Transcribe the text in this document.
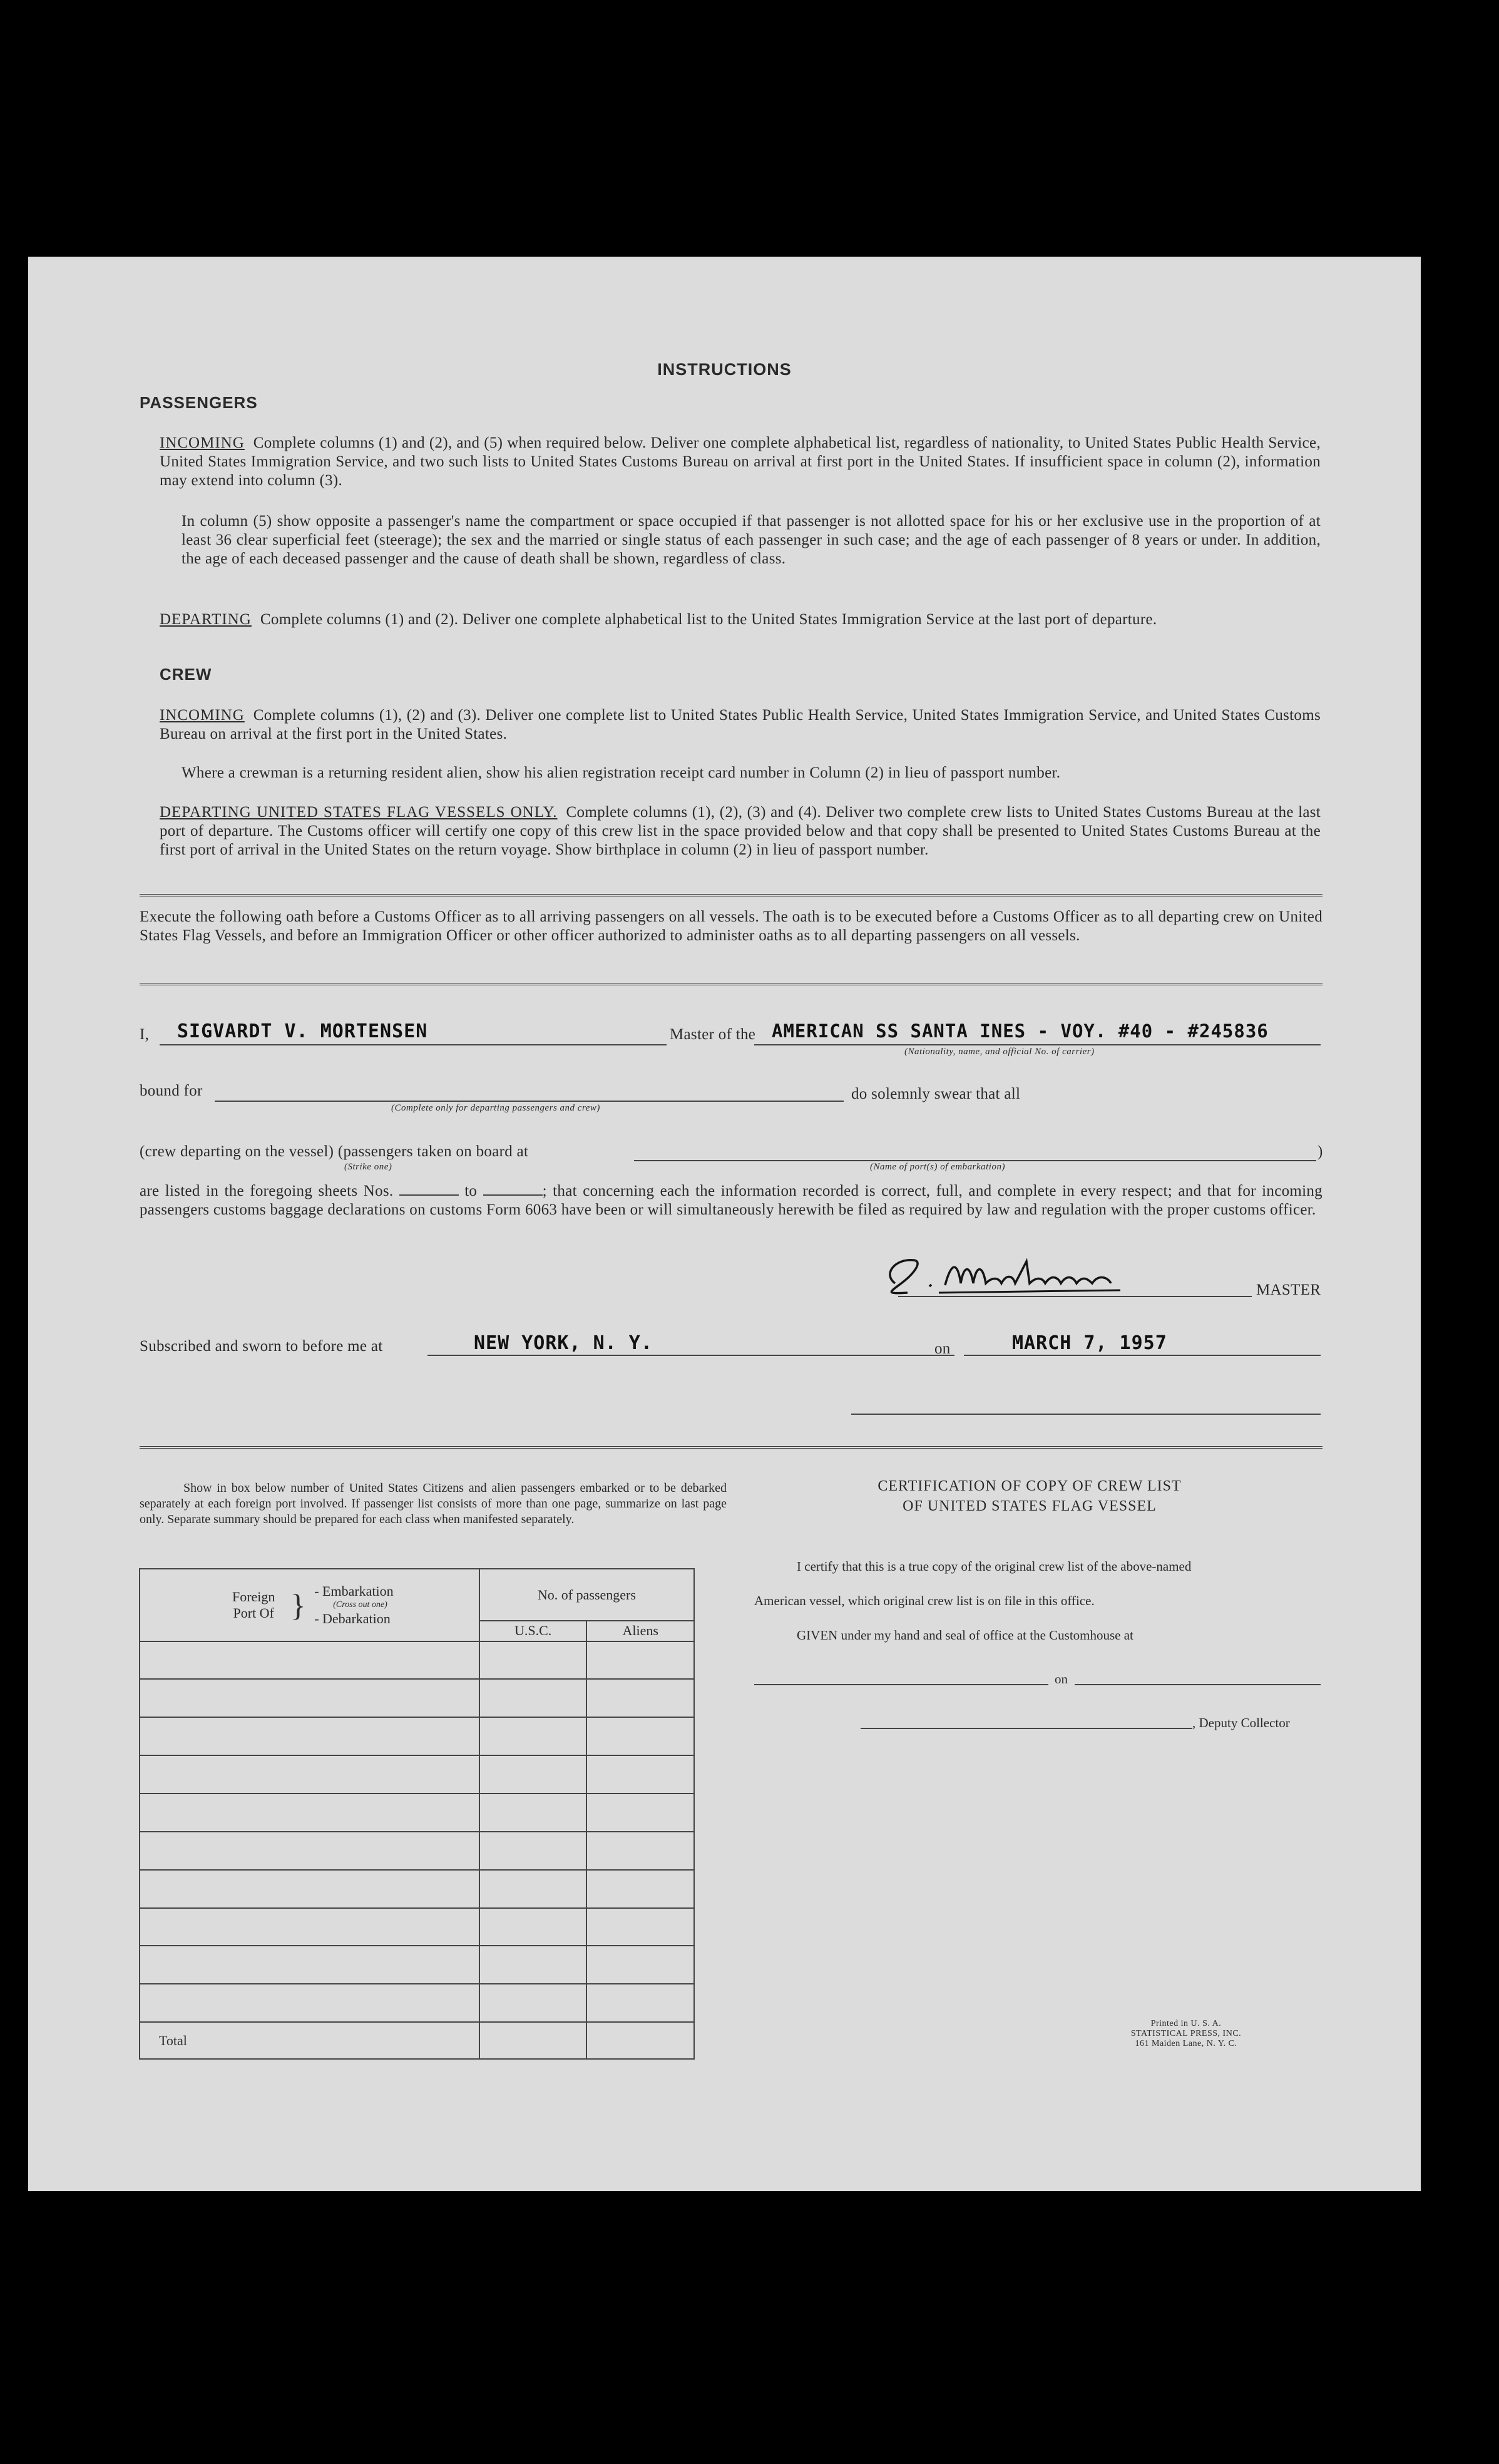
INSTRUCTIONS
PASSENGERS
INCOMING Complete columns (1) and (2), and (5) when required below. Deliver one complete alphabetical list, regardless of nationality, to United States Public Health Service, United States Immigration Service, and two such lists to United States Customs Bureau on arrival at first port in the United States. If insufficient space in column (2), information may extend into column (3).
In column (5) show opposite a passenger's name the compartment or space occupied if that passenger is not allotted space for his or her exclusive use in the proportion of at least 36 clear superficial feet (steerage); the sex and the married or single status of each passenger in such case; and the age of each passenger of 8 years or under. In addition, the age of each deceased passenger and the cause of death shall be shown, regardless of class.
DEPARTING Complete columns (1) and (2). Deliver one complete alphabetical list to the United States Immigration Service at the last port of departure.
CREW
INCOMING Complete columns (1), (2) and (3). Deliver one complete list to United States Public Health Service, United States Immigration Service, and United States Customs Bureau on arrival at the first port in the United States.
Where a crewman is a returning resident alien, show his alien registration receipt card number in Column (2) in lieu of passport number.
DEPARTING UNITED STATES FLAG VESSELS ONLY. Complete columns (1), (2), (3) and (4). Deliver two complete crew lists to United States Customs Bureau at the last port of departure. The Customs officer will certify one copy of this crew list in the space provided below and that copy shall be presented to United States Customs Bureau at the first port of arrival in the United States on the return voyage. Show birthplace in column (2) in lieu of passport number.
Execute the following oath before a Customs Officer as to all arriving passengers on all vessels. The oath is to be executed before a Customs Officer as to all departing crew on United States Flag Vessels, and before an Immigration Officer or other officer authorized to administer oaths as to all departing passengers on all vessels.
I, SIGVARDT V. MORTENSEN	Master of the AMERICAN SS SANTA INES - VOY. #40 - #245836
(Nationality, name, and official No. of carrier)
bound for
(Complete only for departing passengers and crew)
do solemnly swear that all
(crew departing on the vessel) (passengers taken on board at	)
(Strike one)	(Name of port(s) of embarkation)
are listed in the foregoing sheets Nos.	to	; that concerning each the information recorded is correct, full, and complete in every respect; and that for incoming passengers customs baggage declarations on customs Form 6063 have been or will simultaneously herewith be filed as required by law and regulation with the proper customs officer.
MASTER
Subscribed and sworn to before me at	NEW YORK, N. Y.	on	MARCH 7, 1957
Show in box below number of United States Citizens and alien passengers embarked or to be debarked separately at each foreign port involved. If passenger list consists of more than one page, summarize on last page only. Separate summary should be prepared for each class when manifested separately.
Foreign Port Of } - Embarkation
(Cross out one)
- Debarkation	No. of passengers	
	U.S.C.	Aliens

Total		
CERTIFICATION OF COPY OF CREW LIST
OF UNITED STATES FLAG VESSEL
I certify that this is a true copy of the original crew list of the above-named
American vessel, which original crew list is on file in this office.
GIVEN under my hand and seal of office at the Customhouse at
on
, Deputy Collector
Printed in U. S. A.
STATISTICAL PRESS, INC.
161 Maiden Lane, N. Y. C.
